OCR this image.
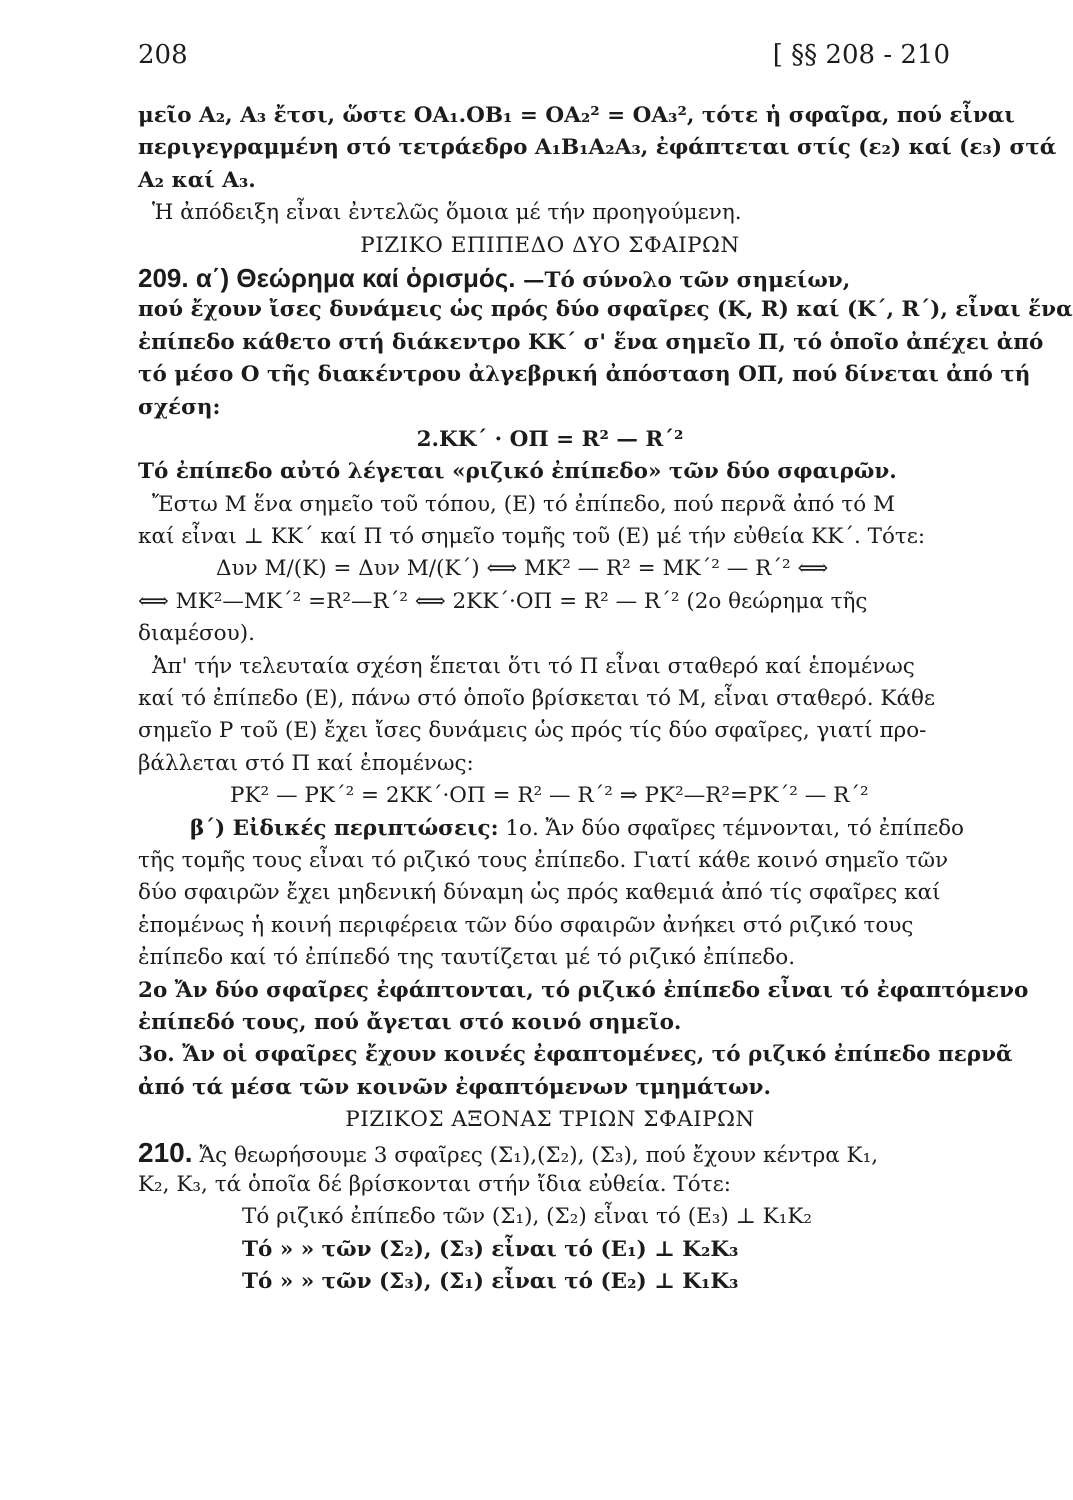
208	[ §§ 208 - 210
μεῖο A₂, A₃ ἔτσι, ὥστε OA₁.OB₁ = OA₂² = OA₃², τότε ἡ σφαῖρα, πού εἶναι
περιγεγραμμένη στό τετράεδρο A₁B₁A₂A₃, ἐφάπτεται στίς (ε₂) καί (ε₃) στά
A₂ καί A₃.
Ἡ ἀπόδειξη εἶναι ἐντελῶς ὅμοια μέ τήν προηγούμενη.
ΡΙΖΙΚΟ ΕΠΙΠΕΔΟ ΔΥΟ ΣΦΑΙΡΩΝ
209. α΄) Θεώρημα καί ὁρισμός. —Τό σύνολο τῶν σημείων,
πού ἔχουν ἴσες δυνάμεις ὡς πρός δύο σφαῖρες (K, R) καί (K΄, R΄), εἶναι ἕνα
ἐπίπεδο κάθετο στή διάκεντρο KK΄ σ' ἕνα σημεῖο Π, τό ὁποῖο ἀπέχει ἀπό
τό μέσο O τῆς διακέντρου ἀλγεβρική ἀπόσταση OΠ, πού δίνεται ἀπό τή
σχέση:
2.KK΄ · OΠ = R² — R΄²
Τό ἐπίπεδο αὐτό λέγεται «ριζικό ἐπίπεδο» τῶν δύο σφαιρῶν.
Ἔστω M ἕνα σημεῖο τοῦ τόπου, (E) τό ἐπίπεδο, πού περνᾶ ἀπό τό M
καί εἶναι ⊥ KK΄ καί Π τό σημεῖο τομῆς τοῦ (E) μέ τήν εὐθεία KK΄. Τότε:
Δυν M/(K) = Δυν M/(K΄) ⟺ MK² — R² = MK΄² — R΄² ⟺
⟺ MK²—MK΄² =R²—R΄² ⟺ 2KK΄·OΠ = R² — R΄² (2ο θεώρημα τῆς
διαμέσου).
Ἀπ' τήν τελευταία σχέση ἕπεται ὅτι τό Π εἶναι σταθερό καί ἑπομένως
καί τό ἐπίπεδο (E), πάνω στό ὁποῖο βρίσκεται τό M, εἶναι σταθερό. Κάθε
σημεῖο P τοῦ (E) ἔχει ἴσες δυνάμεις ὡς πρός τίς δύο σφαῖρες, γιατί προ-
βάλλεται στό Π καί ἑπομένως:
PK² — PK΄² = 2KK΄·OΠ = R² — R΄² ⇒ PK²—R²=PK΄² — R΄²
β΄) Εἰδικές περιπτώσεις: 1ο. Ἄν δύο σφαῖρες τέμνονται, τό ἐπίπεδο
τῆς τομῆς τους εἶναι τό ριζικό τους ἐπίπεδο. Γιατί κάθε κοινό σημεῖο τῶν
δύο σφαιρῶν ἔχει μηδενική δύναμη ὡς πρός καθεμιά ἀπό τίς σφαῖρες καί
ἑπομένως ἡ κοινή περιφέρεια τῶν δύο σφαιρῶν ἀνήκει στό ριζικό τους
ἐπίπεδο καί τό ἐπίπεδό της ταυτίζεται μέ τό ριζικό ἐπίπεδο.
2ο Ἄν δύο σφαῖρες ἐφάπτονται, τό ριζικό ἐπίπεδο εἶναι τό ἐφαπτόμενο
ἐπίπεδό τους, πού ἄγεται στό κοινό σημεῖο.
3ο. Ἄν οἱ σφαῖρες ἔχουν κοινές ἐφαπτομένες, τό ριζικό ἐπίπεδο περνᾶ
ἀπό τά μέσα τῶν κοινῶν ἐφαπτόμενων τμημάτων.
ΡΙΖΙΚΟΣ ΑΞΟΝΑΣ ΤΡΙΩΝ ΣΦΑΙΡΩΝ
210. Ἄς θεωρήσουμε 3 σφαῖρες (Σ₁),(Σ₂), (Σ₃), πού ἔχουν κέντρα K₁,
K₂, K₃, τά ὁποῖα δέ βρίσκονται στήν ἴδια εὐθεία. Τότε:
Τό ριζικό ἐπίπεδο τῶν (Σ₁), (Σ₂) εἶναι τό (E₃) ⊥ K₁K₂
Τό » » τῶν (Σ₂), (Σ₃) εἶναι τό (E₁) ⊥ K₂K₃
Τό » » τῶν (Σ₃), (Σ₁) εἶναι τό (E₂) ⊥ K₁K₃
